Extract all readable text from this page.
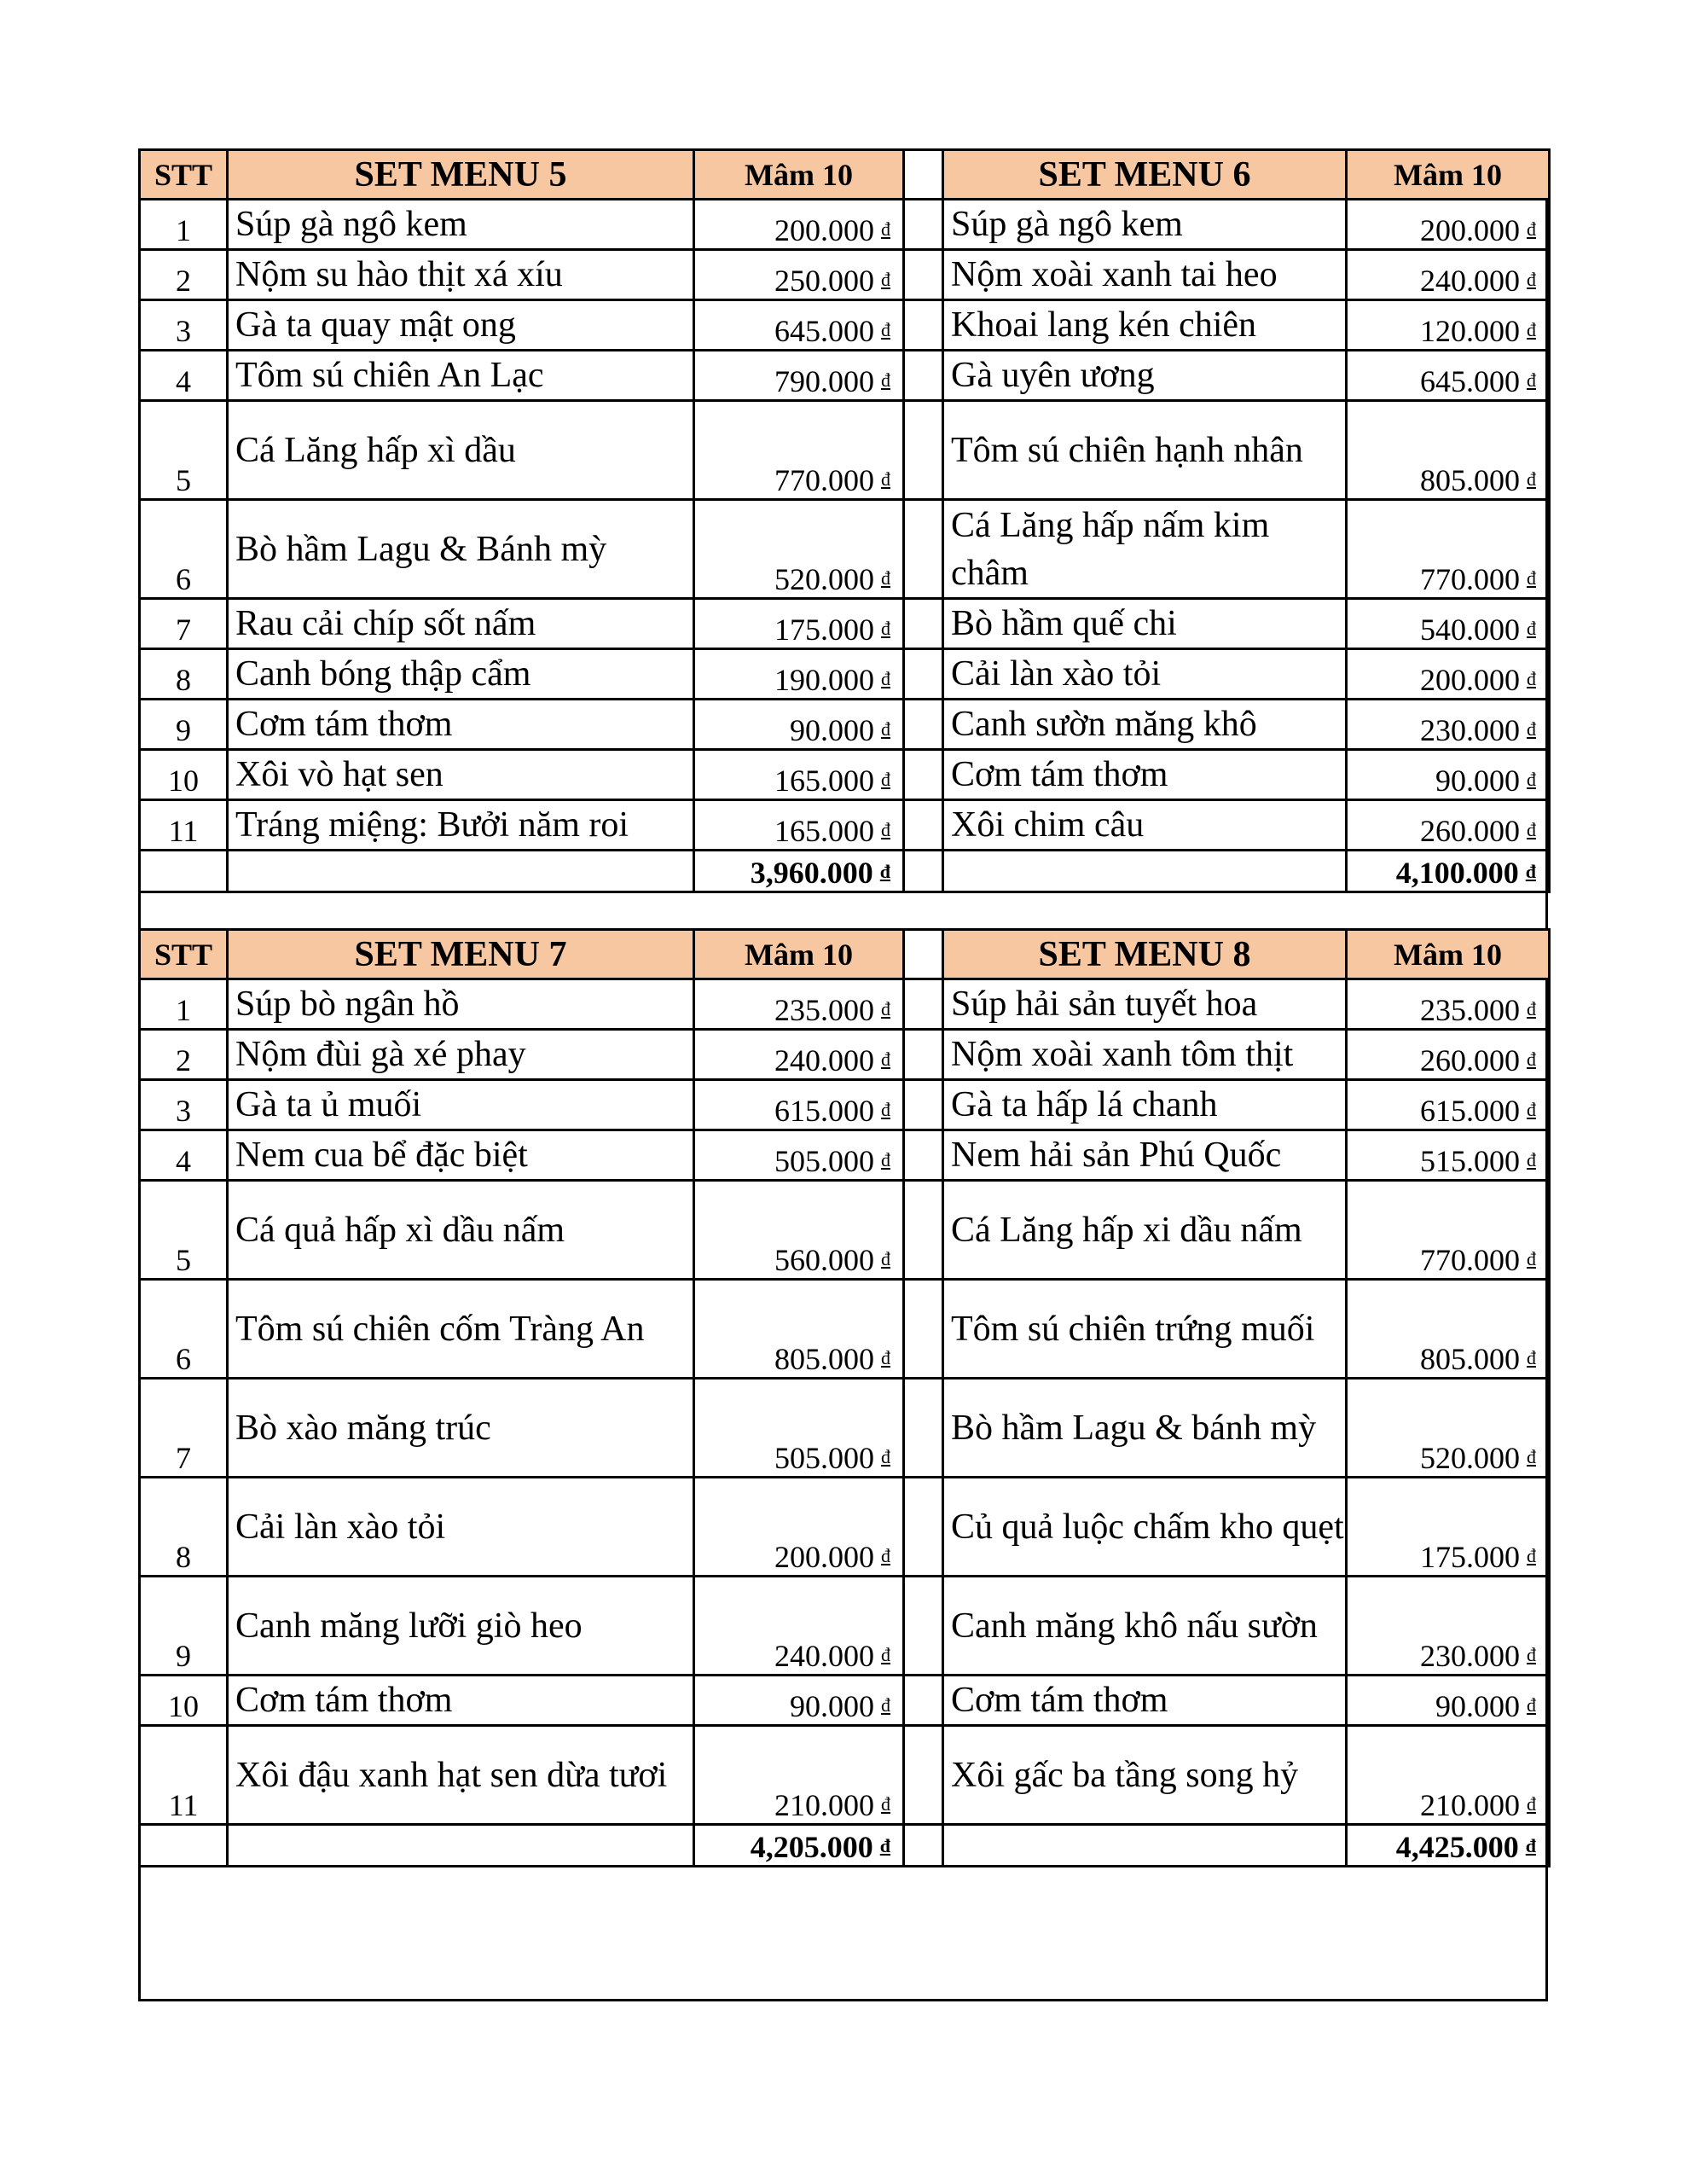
STT	SET MENU 5	Mâm 10		SET MENU 6	Mâm 10
1	Súp gà ngô kem	200.000 đ		Súp gà ngô kem	200.000 đ
2	Nộm su hào thịt xá xíu	250.000 đ		Nộm xoài xanh tai heo	240.000 đ
3	Gà ta quay mật ong	645.000 đ		Khoai lang kén chiên	120.000 đ
4	Tôm sú chiên An Lạc	790.000 đ		Gà uyên ương	645.000 đ
5	Cá Lăng hấp xì dầu	770.000 đ		Tôm sú chiên hạnh nhân	805.000 đ
6	Bò hầm Lagu & Bánh mỳ	520.000 đ		Cá Lăng hấp nấm kim châm	770.000 đ
7	Rau cải chíp sốt nấm	175.000 đ		Bò hầm quế chi	540.000 đ
8	Canh bóng thập cẩm	190.000 đ		Cải làn xào tỏi	200.000 đ
9	Cơm tám thơm	90.000 đ		Canh sườn măng khô	230.000 đ
10	Xôi vò hạt sen	165.000 đ		Cơm tám thơm	90.000 đ
11	Tráng miệng: Bưởi năm roi	165.000 đ		Xôi chim câu	260.000 đ
		3,960.000 đ			4,100.000 đ
STT	SET MENU 7	Mâm 10		SET MENU 8	Mâm 10
1	Súp bò ngân hồ	235.000 đ		Súp hải sản tuyết hoa	235.000 đ
2	Nộm đùi gà xé phay	240.000 đ		Nộm xoài xanh tôm thịt	260.000 đ
3	Gà ta ủ muối	615.000 đ		Gà ta hấp lá chanh	615.000 đ
4	Nem cua bể đặc biệt	505.000 đ		Nem hải sản Phú Quốc	515.000 đ
5	Cá quả hấp xì dầu nấm	560.000 đ		Cá Lăng hấp xi dầu nấm	770.000 đ
6	Tôm sú chiên cốm Tràng An	805.000 đ		Tôm sú chiên trứng muối	805.000 đ
7	Bò xào măng trúc	505.000 đ		Bò hầm Lagu & bánh mỳ	520.000 đ
8	Cải làn xào tỏi	200.000 đ		Củ quả luộc chấm kho quẹt	175.000 đ
9	Canh măng lưỡi giò heo	240.000 đ		Canh măng khô nấu sườn	230.000 đ
10	Cơm tám thơm	90.000 đ		Cơm tám thơm	90.000 đ
11	Xôi đậu xanh hạt sen dừa tươi	210.000 đ		Xôi gấc ba tầng song hỷ	210.000 đ
		4,205.000 đ			4,425.000 đ
